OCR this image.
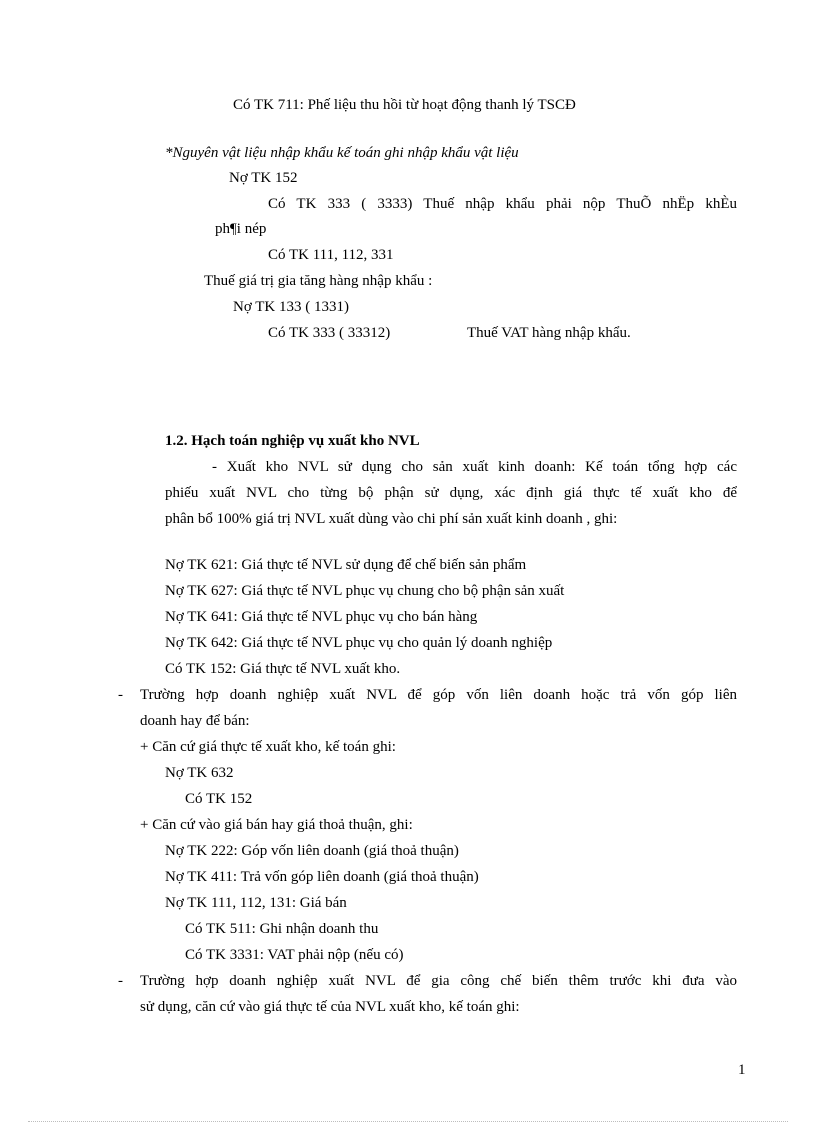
Có TK 711: Phế liệu thu hồi từ hoạt động thanh lý TSCĐ
*Nguyên vật liệu nhập khẩu kế toán ghi nhập khẩu vật liệu
Nợ TK 152
Có TK 333 ( 3333) Thuế nhập khẩu phải nộp ThuÕ nhËp khÈu
ph¶i nép
Có TK 111, 112, 331
Thuế giá trị gia tăng hàng nhập khẩu :
Nợ TK 133 ( 1331)
Có TK 333 ( 33312)	Thuế VAT hàng nhập khẩu.
1.2. Hạch toán nghiệp vụ xuất kho NVL
- Xuất kho NVL sử dụng cho sản xuất kinh doanh: Kế toán tổng hợp các
phiếu xuất NVL cho từng bộ phận sử dụng, xác định giá thực tế xuất kho để
phân bổ 100% giá trị NVL xuất dùng vào chi phí sản xuất kinh doanh , ghi:
Nợ TK 621: Giá thực tế NVL sử dụng để chế biến sản phẩm
Nợ TK 627: Giá thực tế NVL phục vụ chung cho bộ phận sản xuất
Nợ TK 641: Giá thực tế NVL phục vụ cho bán hàng
Nợ TK 642: Giá thực tế NVL phục vụ cho quản lý doanh nghiệp
Có TK 152: Giá thực tế NVL xuất kho.
- Trường hợp doanh nghiệp xuất NVL để góp vốn liên doanh hoặc trả vốn góp liên
doanh hay để bán:
+ Căn cứ giá thực tế xuất kho, kế toán ghi:
Nợ TK 632
Có TK 152
+ Căn cứ vào giá bán hay giá thoả thuận, ghi:
Nợ TK 222: Góp vốn liên doanh (giá thoả thuận)
Nợ TK 411: Trả vốn góp liên doanh (giá thoả thuận)
Nợ TK 111, 112, 131: Giá bán
Có TK 511: Ghi nhận doanh thu
Có TK 3331: VAT phải nộp (nếu có)
- Trường hợp doanh nghiệp xuất NVL để gia công chế biến thêm trước khi đưa vào
sử dụng, căn cứ vào giá thực tế của NVL xuất kho, kế toán ghi:
1
